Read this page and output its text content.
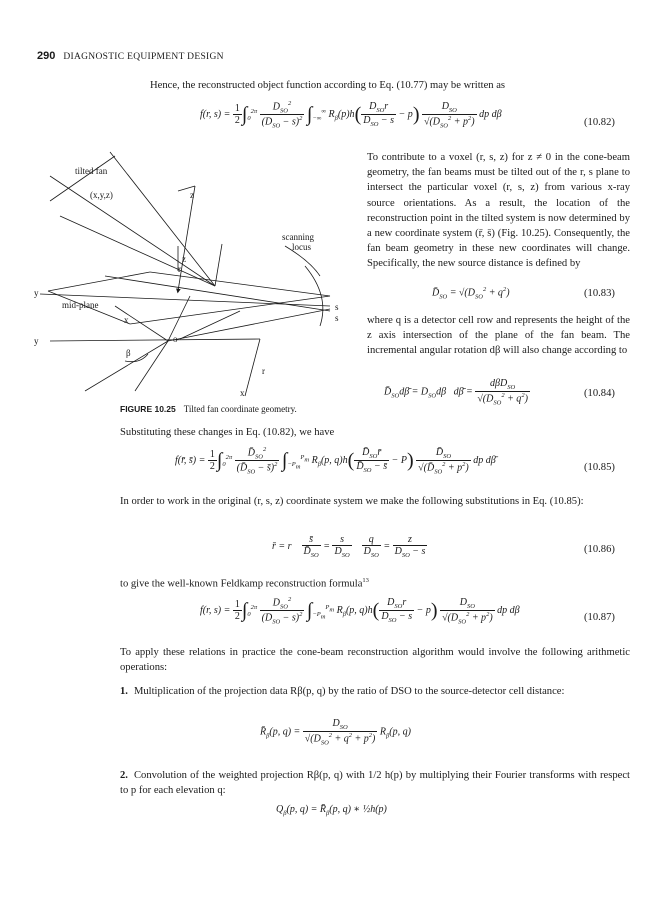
290 DIAGNOSTIC EQUIPMENT DESIGN
Hence, the reconstructed object function according to Eq. (10.77) may be written as
f(r, $s) = \frac{1}{2} \int_0^{2\pi} \frac{D_{SO}^2}{(D_{SO} - s)^2} \int_{-\infty}^\infty$ $R_\beta(p)h( \frac{D_{SO}r}{D_{SO} - s} - p) \frac{D_{SO}}{√(D_{SO}^2 + p^2)}$ dp dβ
(10.82)
tilted fan
(x,y,z)	z
scanning
locus
z
r
y
mid-plane
x
s
s
y	o
β
r
x
FIGURE 10.25 Tilted fan coordinate geometry.
To contribute to a voxel (r, s, z) for z ≠ 0 in the cone-beam geometry, the fan beams must be tilted out of the r, s plane to intersect the particular voxel (r, s, z) from various x-ray source orientations. As a result, the location of the reconstruction point in the tilted system is now determined by a new coordinate system (r̄, s̄) (Fig. 10.25). Consequently, the fan beam geometry in these new coordinates will change. Specifically, the new source distance is defined by
$D̄_{SO} = √(D_{SO}^2 + q^2)$	(10.83)
where q is a detector cell row and represents the height of the z axis intersection of the plane of the fan beam. The incremental angular rotation dβ will also change according to
$D̄_{SO}d\betā = D_{SO}d\beta$   dβ̄ = $\frac{d\beta D_{SO}}{√(D_{SO}^2 + q^2)}$	(10.84)
Substituting these changes in Eq. (10.82), we have
f(r̄, s̄) = $\frac{1}{2} \int_0^{2\pi} \frac{D̄_{SO}^2}{(D̄_{SO} - s̄)^2} \int_{-P_m}^{P_m}$ $R_\beta(p$, $q)h( \frac{D̄_{SO}r̄}{D̄_{SO} - s̄} - P) \frac{D̄_{SO}}{√(D̄_{SO}^2 + p^2)}$ dp dβ̄
(10.85)
In order to work in the original (r, s, z) coordinate system we make the following substitutions in Eq. (10.85):
r̄ = r $\frac{s̄}{D̄_{SO}} = \frac{s}{D_{SO}}$
$\frac{q}{D_{SO}} = \frac{z}{D_{SO} - s}$	(10.86)
to give the well-known Feldkamp reconstruction formula$^{13}$
f(r, $s) = \frac{1}{2} \int_0^{2\pi} \frac{D_{SO}^2}{(D_{SO} - s)^2} \int_{-P_m}^{P_m}$ $R_\beta(p$, $q)h( \frac{D_{SO}r}{D_{SO} - s} - p) \frac{D_{SO}}{√(D_{SO}^2 + p^2)}$ dp dβ
(10.87)
To apply these relations in practice the cone-beam reconstruction algorithm would involve the following arithmetic operations:
1. Multiplication of the projection data Rβ(p, q) by the ratio of DSO to the source-detector cell distance:
$R̄_\beta(p$, $q) = \frac{D_{SO}}{√(D_{SO}^2 + q^2 + p^2)} R_\beta(p$, q)
2. Convolution of the weighted projection Rβ(p, q) with 1/2 h(p) by multiplying their Fourier transforms with respect to p for each elevation q:
$Q_\beta(p$, $q) = R̄_\beta(p$, q) ∗ ½h(p)
